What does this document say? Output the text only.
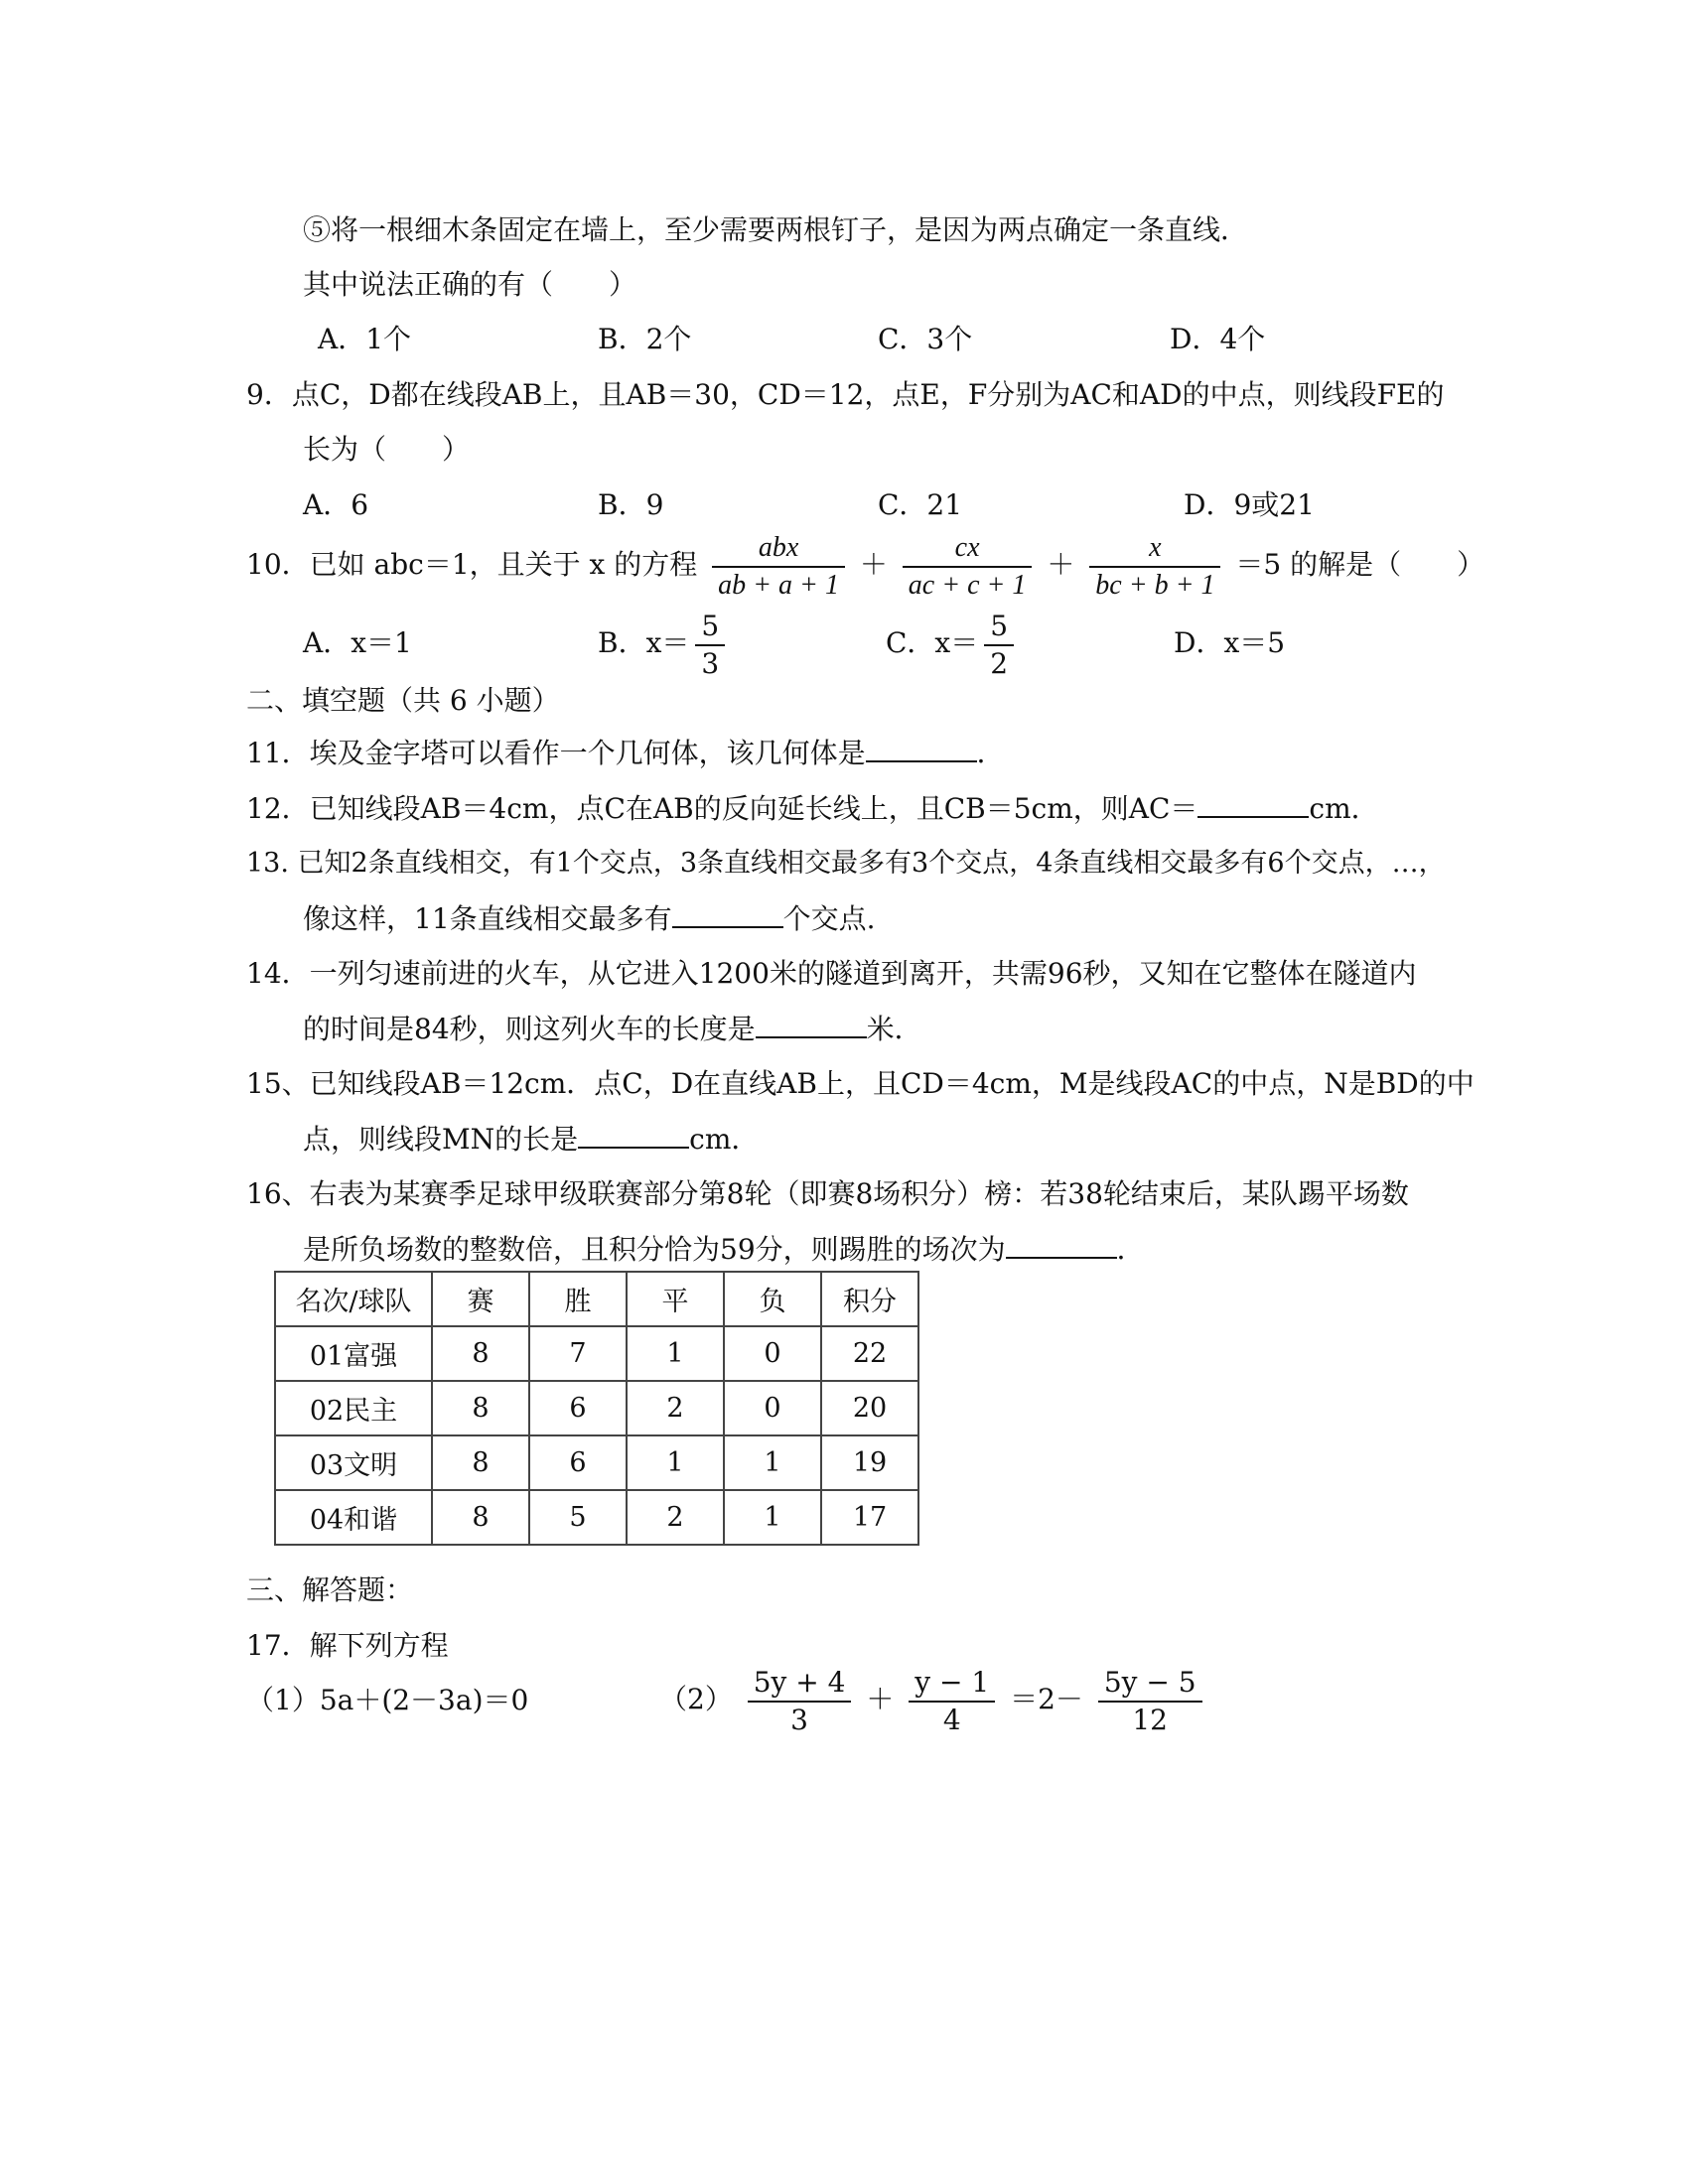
⑤将一根细木条固定在墙上，至少需要两根钉子，是因为两点确定一条直线．
其中说法正确的有（　　）
A．1个	B．2个	C．3个	D．4个
9．点C，D都在线段AB上，且AB＝30，CD＝12，点E，F分别为AC和AD的中点，则线段FE的
长为（　　）
A．6	B．9	C．21	D．9或21
10．已如 abc＝1，且关于 x 的方程 $\frac{\text{abx}}{ab + a + 1} + \frac{cx}{ac + c + 1} + \frac{x}{bc + b + 1} =5$ 的解是（　　）
A．x＝1	B．$x= \frac{5}{3}$	C．$x= \frac{5}{2}$	D．x＝5
二、填空题（共 6 小题）
11．埃及金字塔可以看作一个几何体，该几何体是	．
12．已知线段AB＝4cm，点C在AB的反向延长线上，且CB＝5cm，则AC＝	cm．
13. 已知2条直线相交，有1个交点，3条直线相交最多有3个交点，4条直线相交最多有6个交点，…，
像这样，11条直线相交最多有	个交点.
14．一列匀速前进的火车，从它进入1200米的隧道到离开，共需96秒，又知在它整体在隧道内
的时间是84秒，则这列火车的长度是	米．
15、已知线段AB＝12cm．点C，D在直线AB上，且CD＝4cm，M是线段AC的中点，N是BD的中
点，则线段MN的长是	cm．
16、右表为某赛季足球甲级联赛部分第8轮（即赛8场积分）榜：若38轮结束后，某队踢平场数
是所负场数的整数倍，且积分恰为59分，则踢胜的场次为	．
名次/球队	赛	胜	平	负	积分
01富强	8	7	1	0	22
02民主	8	6	2	0	20
03文明	8	6	1	1	19
04和谐	8	5	2	1	17
三、解答题：
17．解下列方程
（1）5a＋(2－3a)＝0	$(2) \frac{5y + 4}{3} + \frac{y - 1}{4} =2- \frac{5y - 5}{12}$
